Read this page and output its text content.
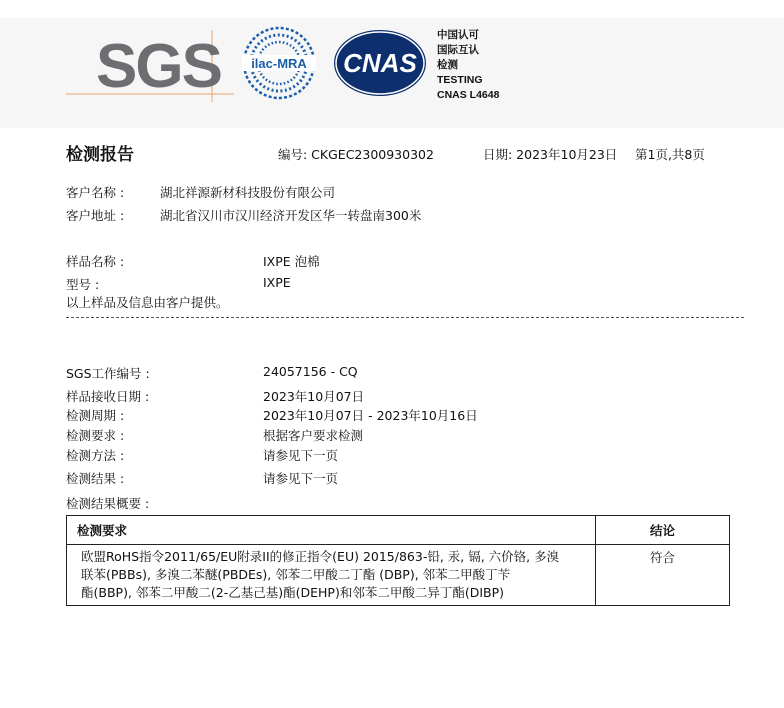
SGS ilac-MRA CNAS
中国认可
国际互认
检测
TESTING
CNAS L4648
检测报告	编号: CKGEC2300930302	日期: 2023年10月23日 第1页,共8页
客户名称 :	湖北祥源新材科技股份有限公司
客户地址 :	湖北省汉川市汉川经济开发区华一转盘南300米
样品名称 :	IXPE 泡棉
型号 :	IXPE
以上样品及信息由客户提供。
SGS工作编号 :	24057156 - CQ
样品接收日期 :	2023年10月07日
检测周期 :	2023年10月07日 - 2023年10月16日
检测要求 :	根据客户要求检测
检测方法 :	请参见下一页
检测结果 :	请参见下一页
检测结果概要 :
检测要求	结论

欧盟RoHS指令2011/65/EU附录II的修正指令(EU) 2015/863-铅, 汞, 镉, 六价铬, 多溴
联苯(PBBs), 多溴二苯醚(PBDEs), 邻苯二甲酸二丁酯 (DBP), 邻苯二甲酸丁苄
酯(BBP), 邻苯二甲酸二(2-乙基己基)酯(DEHP)和邻苯二甲酸二异丁酯(DIBP)	符合
